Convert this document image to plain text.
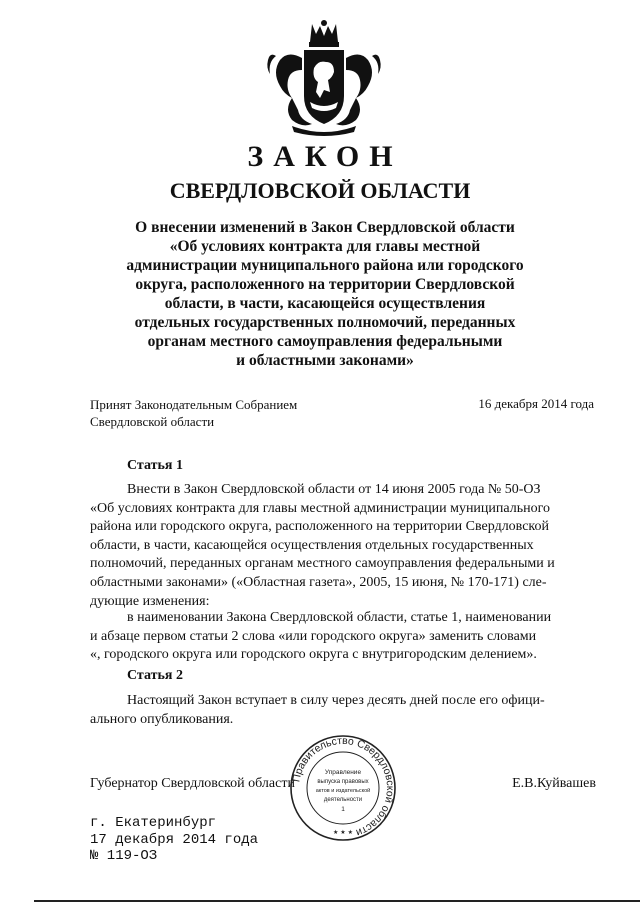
ЗАКОН
СВЕРДЛОВСКОЙ ОБЛАСТИ
О внесении изменений в Закон Свердловской области
«Об условиях контракта для главы местной
администрации муниципального района или городского
округа, расположенного на территории Свердловской
области, в части, касающейся осуществления
отдельных государственных полномочий, переданных
органам местного самоуправления федеральными
и областными законами»
Принят Законодательным Собранием
Свердловской области
16 декабря 2014 года
Статья 1
Внести в Закон Свердловской области от 14 июня 2005 года № 50-ОЗ
«Об условиях контракта для главы местной администрации муниципального
района или городского округа, расположенного на территории Свердловской
области, в части, касающейся осуществления отдельных государственных
полномочий, переданных органам местного самоуправления федеральными и
областными законами» («Областная газета», 2005, 15 июня, № 170-171) сле-
дующие изменения:
в наименовании Закона Свердловской области, статье 1, наименовании
и абзаце первом статьи 2 слова «или городского округа» заменить словами
«, городского округа или городского округа с внутригородским делением».
Статья 2
Настоящий Закон вступает в силу через десять дней после его офици-
ального опубликования.
Губернатор Свердловской области	Е.В.Куйвашев
Правительство Свердловской области
Управление
выпуска правовых
актов и издательской
деятельности
1
★ ★ ★
г. Екатеринбург
17 декабря 2014 года
№ 119-ОЗ
